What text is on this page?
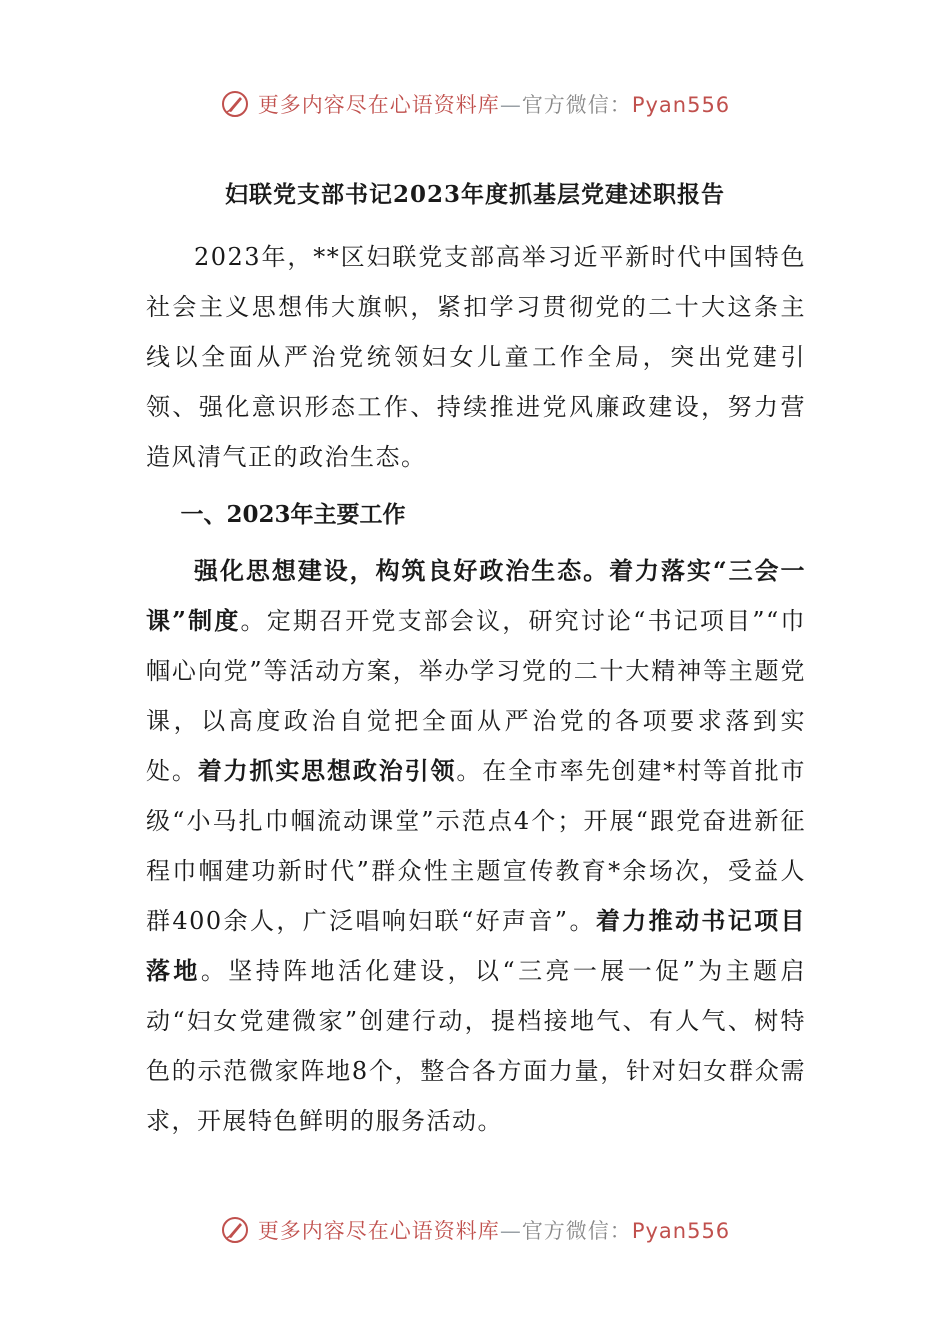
更多内容尽在心语资料库—官方微信：Pyan556
妇联党支部书记2023年度抓基层党建述职报告

2023年，**区妇联党支部高举习近平新时代中国特色社会主义思想伟大旗帜，紧扣学习贯彻党的二十大这条主线以全面从严治党统领妇女儿童工作全局，突出党建引领、强化意识形态工作、持续推进党风廉政建设，努力营造风清气正的政治生态。

一、2023年主要工作

强化思想建设，构筑良好政治生态。着力落实“三会一课”制度。定期召开党支部会议，研究讨论“书记项目”“巾帼心向党”等活动方案，举办学习党的二十大精神等主题党课，以高度政治自觉把全面从严治党的各项要求落到实处。着力抓实思想政治引领。在全市率先创建*村等首批市级“小马扎巾帼流动课堂”示范点4个；开展“跟党奋进新征程巾帼建功新时代”群众性主题宣传教育*余场次，受益人群400余人，广泛唱响妇联“好声音”。着力推动书记项目落地。坚持阵地活化建设，以“三亮一展一促”为主题启动“妇女党建微家”创建行动，提档接地气、有人气、树特色的示范微家阵地8个，整合各方面力量，针对妇女群众需求，开展特色鲜明的服务活动。

更多内容尽在心语资料库—官方微信：Pyan556
